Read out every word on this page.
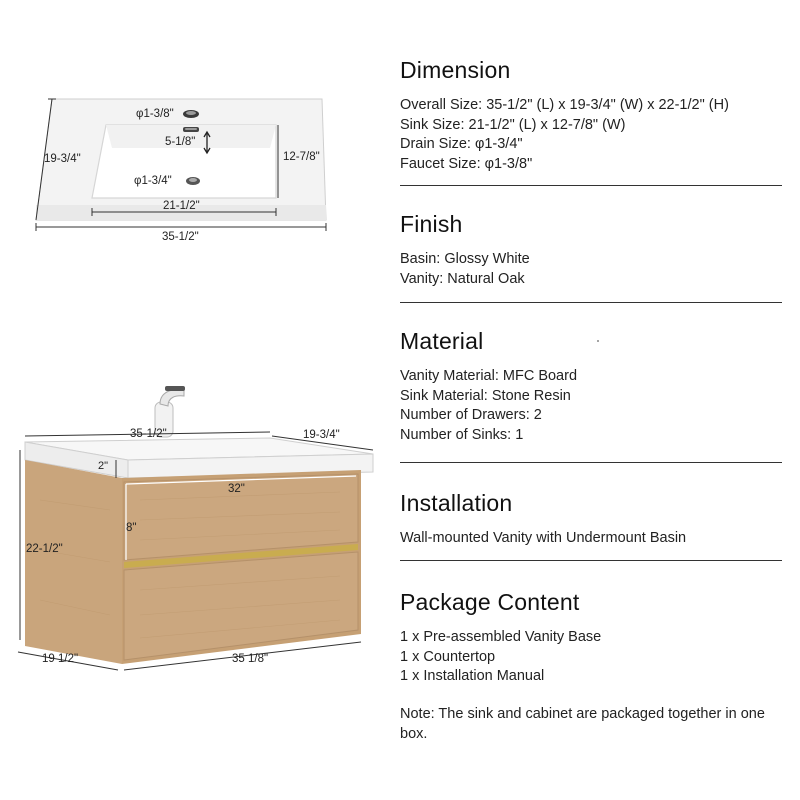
φ1-3/8"
5-1/8"
φ1-3/4"
19-3/4"	12-7/8"
21-1/2"
35-1/2"
35-1/2"	19-3/4"
2"
32"
8"
22-1/2"
19 1/2"	35 1/8"
Dimension
Overall Size: 35-1/2" (L) x 19-3/4" (W) x 22-1/2" (H)
Sink Size: 21-1/2" (L) x 12-7/8" (W)
Drain Size: φ1-3/4"
Faucet Size: φ1-3/8"
Finish
Basin: Glossy White
Vanity: Natural Oak
Material
Vanity Material: MFC Board
Sink Material: Stone Resin
Number of Drawers: 2
Number of Sinks: 1
Installation
Wall-mounted Vanity with Undermount Basin
Package Content
1 x Pre-assembled Vanity Base
1 x Countertop
1 x Installation Manual
Note: The sink and cabinet are packaged together in one box.
